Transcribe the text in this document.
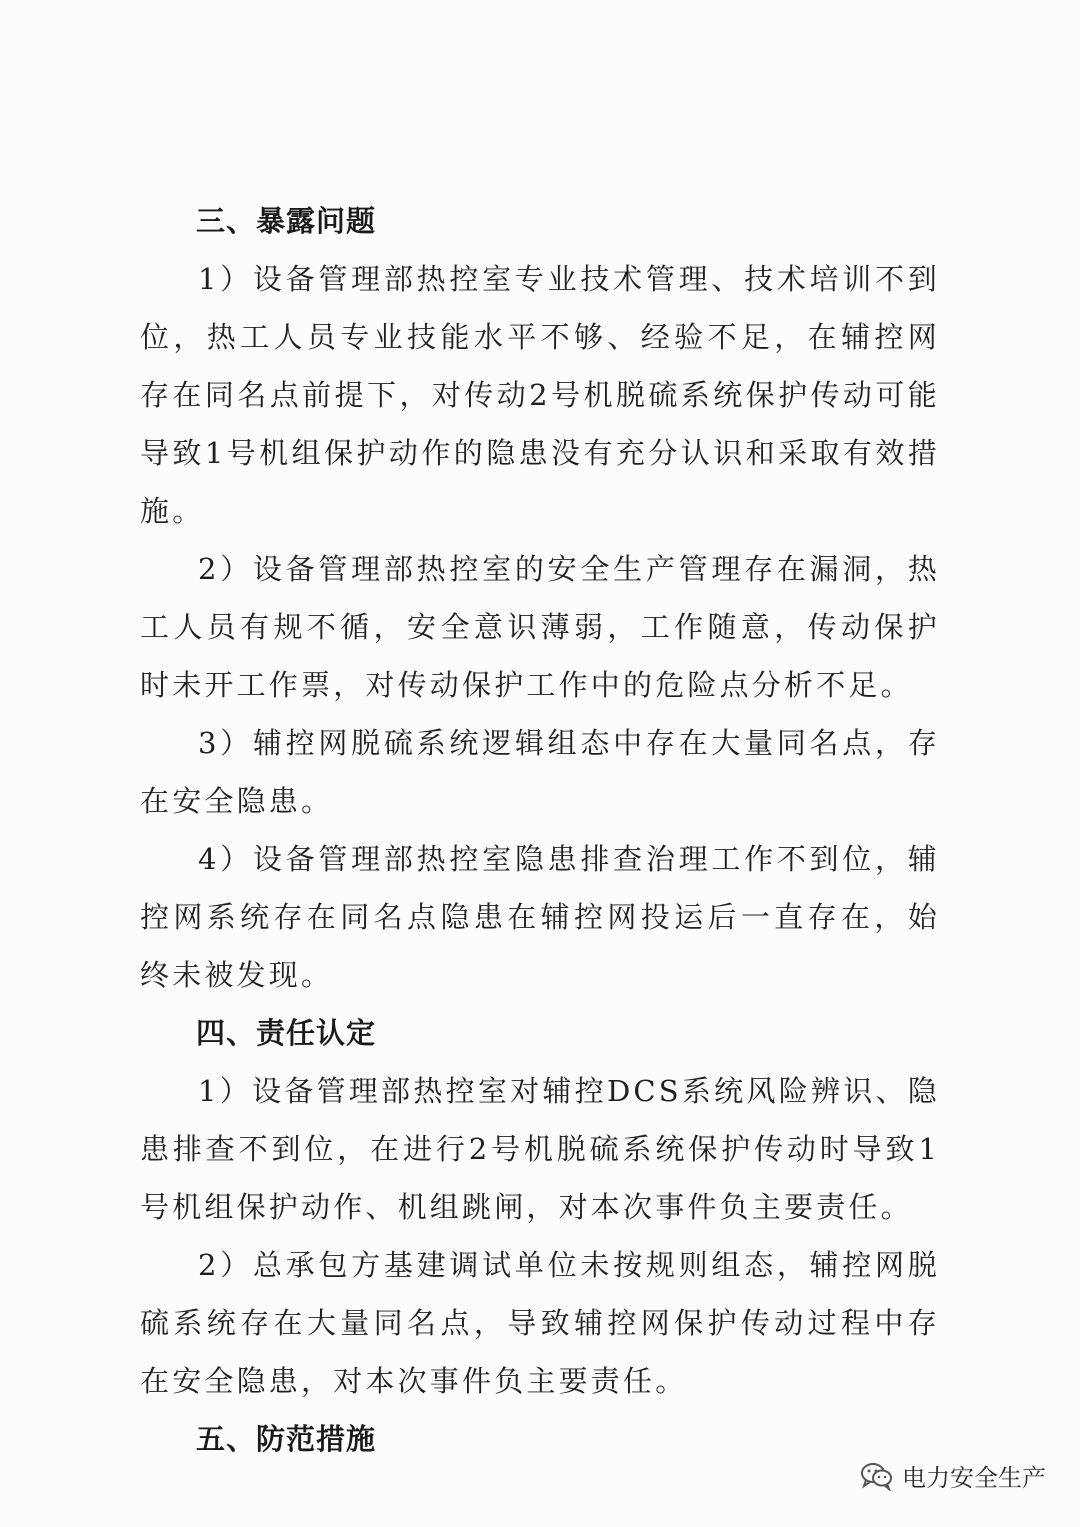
三、暴露问题

1）设备管理部热控室专业技术管理、技术培训不到位，热工人员专业技能水平不够、经验不足，在辅控网存在同名点前提下，对传动2号机脱硫系统保护传动可能导致1号机组保护动作的隐患没有充分认识和采取有效措施。

2）设备管理部热控室的安全生产管理存在漏洞，热工人员有规不循，安全意识薄弱，工作随意，传动保护时未开工作票，对传动保护工作中的危险点分析不足。

3）辅控网脱硫系统逻辑组态中存在大量同名点，存在安全隐患。

4）设备管理部热控室隐患排查治理工作不到位，辅控网系统存在同名点隐患在辅控网投运后一直存在，始终未被发现。

四、责任认定

1）设备管理部热控室对辅控DCS系统风险辨识、隐患排查不到位，在进行2号机脱硫系统保护传动时导致1号机组保护动作、机组跳闸，对本次事件负主要责任。

2）总承包方基建调试单位未按规则组态，辅控网脱硫系统存在大量同名点，导致辅控网保护传动过程中存在安全隐患，对本次事件负主要责任。

五、防范措施
电力安全生产
